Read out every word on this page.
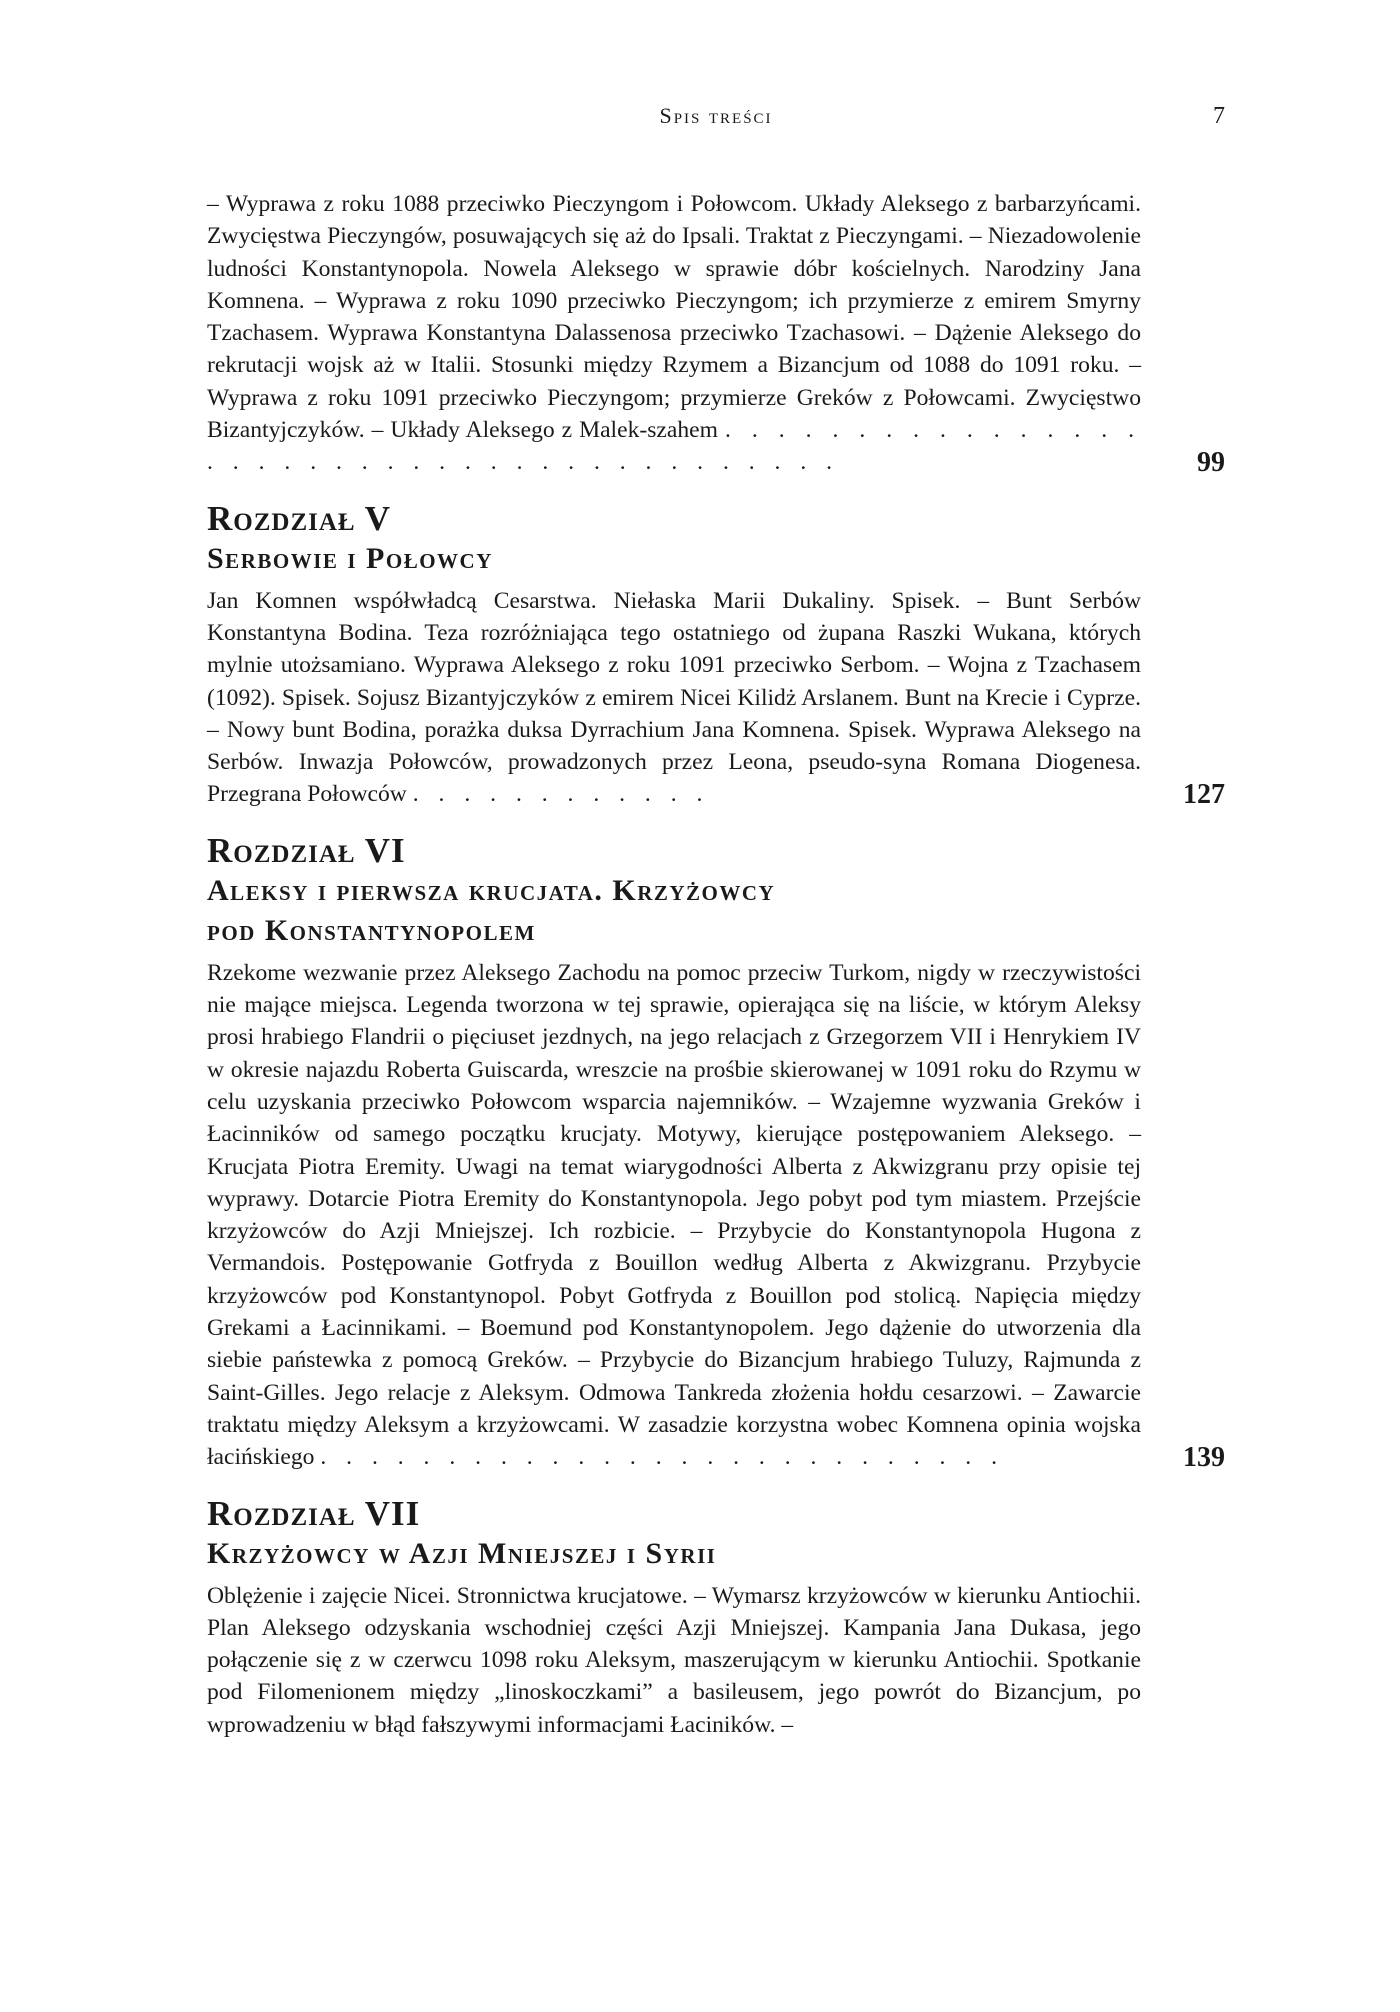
Spis treści	7

– Wyprawa z roku 1088 przeciwko Pieczyngom i Połowcom. Układy Aleksego z barbarzyńcami. Zwycięstwa Pieczyngów, posuwających się aż do Ipsali. Traktat z Pieczyngami. – Niezadowolenie ludności Konstantynopola. Nowela Aleksego w sprawie dóbr kościelnych. Narodziny Jana Komnena. – Wyprawa z roku 1090 przeciwko Pieczyngom; ich przymierze z emirem Smyrny Tzachasem. Wyprawa Konstantyna Dalassenosa przeciwko Tzachasowi. – Dążenie Aleksego do rekrutacji wojsk aż w Italii. Stosunki między Rzymem a Bizancjum od 1088 do 1091 roku. – Wyprawa z roku 1091 przeciwko Pieczyngom; przymierze Greków z Połowcami. Zwycięstwo Bizantyjczyków. – Układy Aleksego z Malek-szahem . . . . . . . . . . . . . . . . . . . . . . . . . . . . . . . . . . . . . . . . .	99
Rozdział V
Serbowie i Połowcy

Jan Komnen współwładcą Cesarstwa. Niełaska Marii Dukaliny. Spisek. – Bunt Serbów Konstantyna Bodina. Teza rozróżniająca tego ostatniego od żupana Raszki Wukana, których mylnie utożsamiano. Wyprawa Aleksego z roku 1091 przeciwko Serbom. – Wojna z Tzachasem (1092). Spisek. Sojusz Bizantyjczyków z emirem Nicei Kilidż Arslanem. Bunt na Krecie i Cyprze. – Nowy bunt Bodina, porażka duksa Dyrrachium Jana Komnena. Spisek. Wyprawa Aleksego na Serbów. Inwazja Połowców, prowadzonych przez Leona, pseudo-syna Romana Diogenesa. Przegrana Połowców . . . . . . . . . . . .	127
Rozdział VI
Aleksy i pierwsza krucjata. Krzyżowcy
pod Konstantynopolem

Rzekome wezwanie przez Aleksego Zachodu na pomoc przeciw Turkom, nigdy w rzeczywistości nie mające miejsca. Legenda tworzona w tej sprawie, opierająca się na liście, w którym Aleksy prosi hrabiego Flandrii o pięciuset jezdnych, na jego relacjach z Grzegorzem VII i Henrykiem IV w okresie najazdu Roberta Guiscarda, wreszcie na prośbie skierowanej w 1091 roku do Rzymu w celu uzyskania przeciwko Połowcom wsparcia najemników. – Wzajemne wyzwania Greków i Łacinników od samego początku krucjaty. Motywy, kierujące postępowaniem Aleksego. – Krucjata Piotra Eremity. Uwagi na temat wiarygodności Alberta z Akwizgranu przy opisie tej wyprawy. Dotarcie Piotra Eremity do Konstantynopola. Jego pobyt pod tym miastem. Przejście krzyżowców do Azji Mniejszej. Ich rozbicie. – Przybycie do Konstantynopola Hugona z Vermandois. Postępowanie Gotfryda z Bouillon według Alberta z Akwizgranu. Przybycie krzyżowców pod Konstantynopol. Pobyt Gotfryda z Bouillon pod stolicą. Napięcia między Grekami a Łacinnikami. – Boemund pod Konstantynopolem. Jego dążenie do utworzenia dla siebie państewka z pomocą Greków. – Przybycie do Bizancjum hrabiego Tuluzy, Rajmunda z Saint-Gilles. Jego relacje z Aleksym. Odmowa Tankreda złożenia hołdu cesarzowi. – Zawarcie traktatu między Aleksym a krzyżowcami. W zasadzie korzystna wobec Komnena opinia wojska łacińskiego . . . . . . . . . . . . . . . . . . . . . . . . . . .	139
Rozdział VII
Krzyżowcy w Azji Mniejszej i Syrii

Oblężenie i zajęcie Nicei. Stronnictwa krucjatowe. – Wymarsz krzyżowców w kierunku Antiochii. Plan Aleksego odzyskania wschodniej części Azji Mniejszej. Kampania Jana Dukasa, jego połączenie się z w czerwcu 1098 roku Aleksym, maszerującym w kierunku Antiochii. Spotkanie pod Filomenionem między „linoskoczkami” a basileusem, jego powrót do Bizancjum, po wprowadzeniu w błąd fałszywymi informacjami Łaciników. –
